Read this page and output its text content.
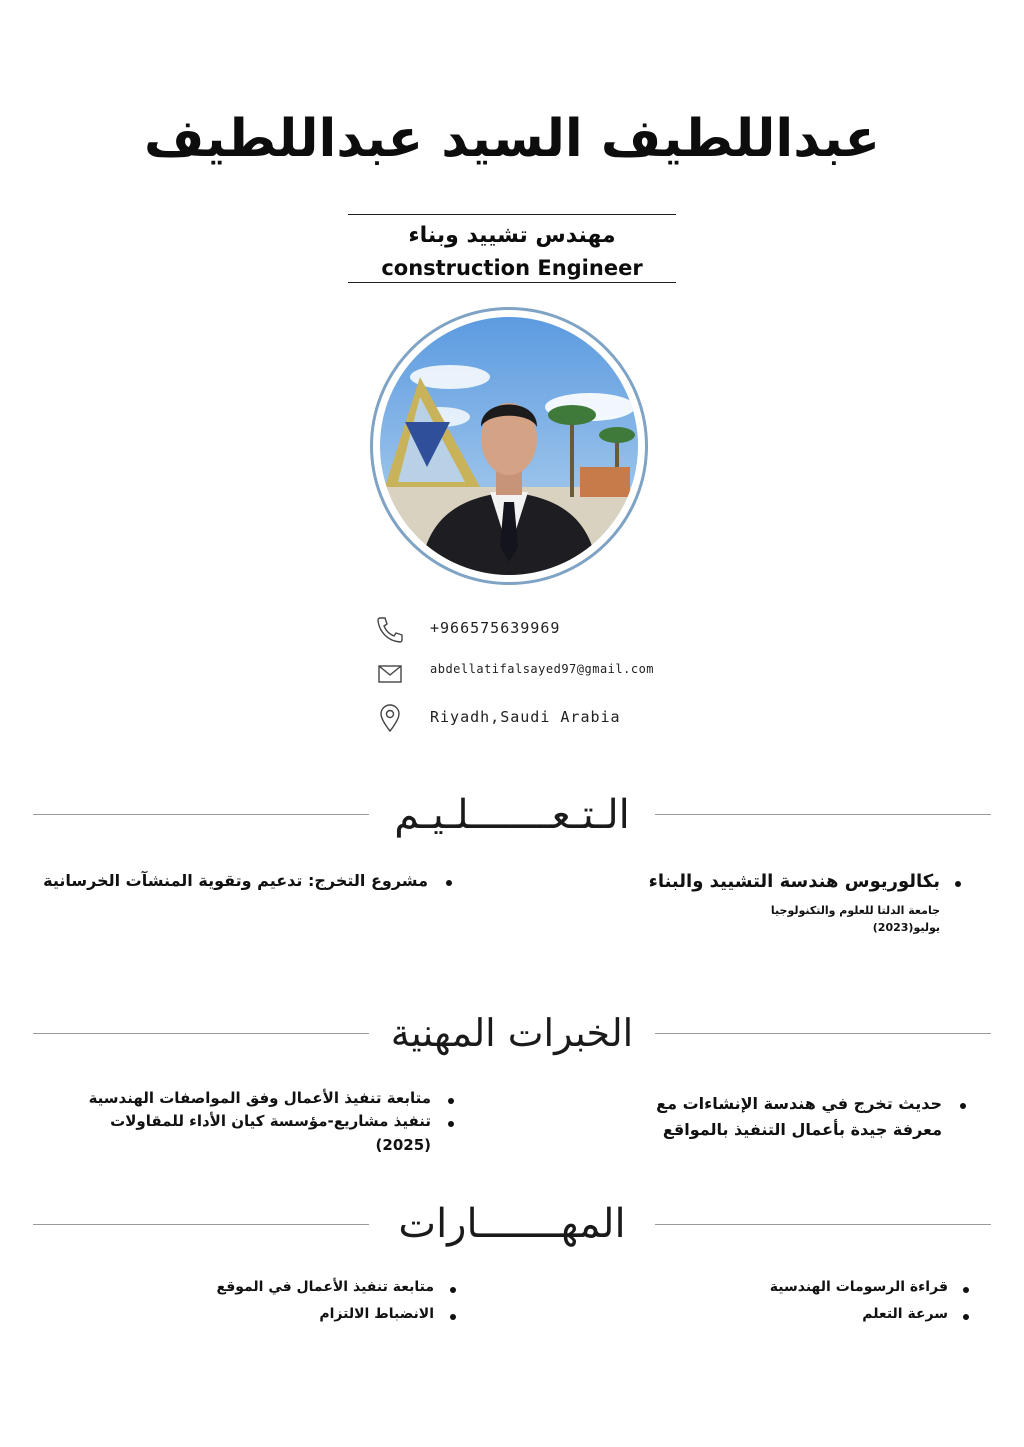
عبداللطيف السيد عبداللطيف
مهندس تشييد وبناء
construction Engineer
+966575639969
abdellatifalsayed97@gmail.com
Riyadh,Saudi Arabia
الـتـعـــــــلـيـم
بكالوريوس هندسة التشييد والبناء
جامعة الدلتا للعلوم والتكنولوجيا
يوليو(2023)
مشروع التخرج: تدعيم وتقوية المنشآت الخرسانية
الخبرات المهنية
حديث تخرج في هندسة الإنشاءات مع
معرفة جيدة بأعمال التنفيذ بالمواقع
متابعة تنفيذ الأعمال وفق المواصفات الهندسية
تنفيذ مشاريع-مؤسسة كيان الأداء للمقاولات
(2025)
المهـــــــارات
قراءة الرسومات الهندسية
سرعة التعلم
متابعة تنفيذ الأعمال في الموقع
الانضباط الالتزام
